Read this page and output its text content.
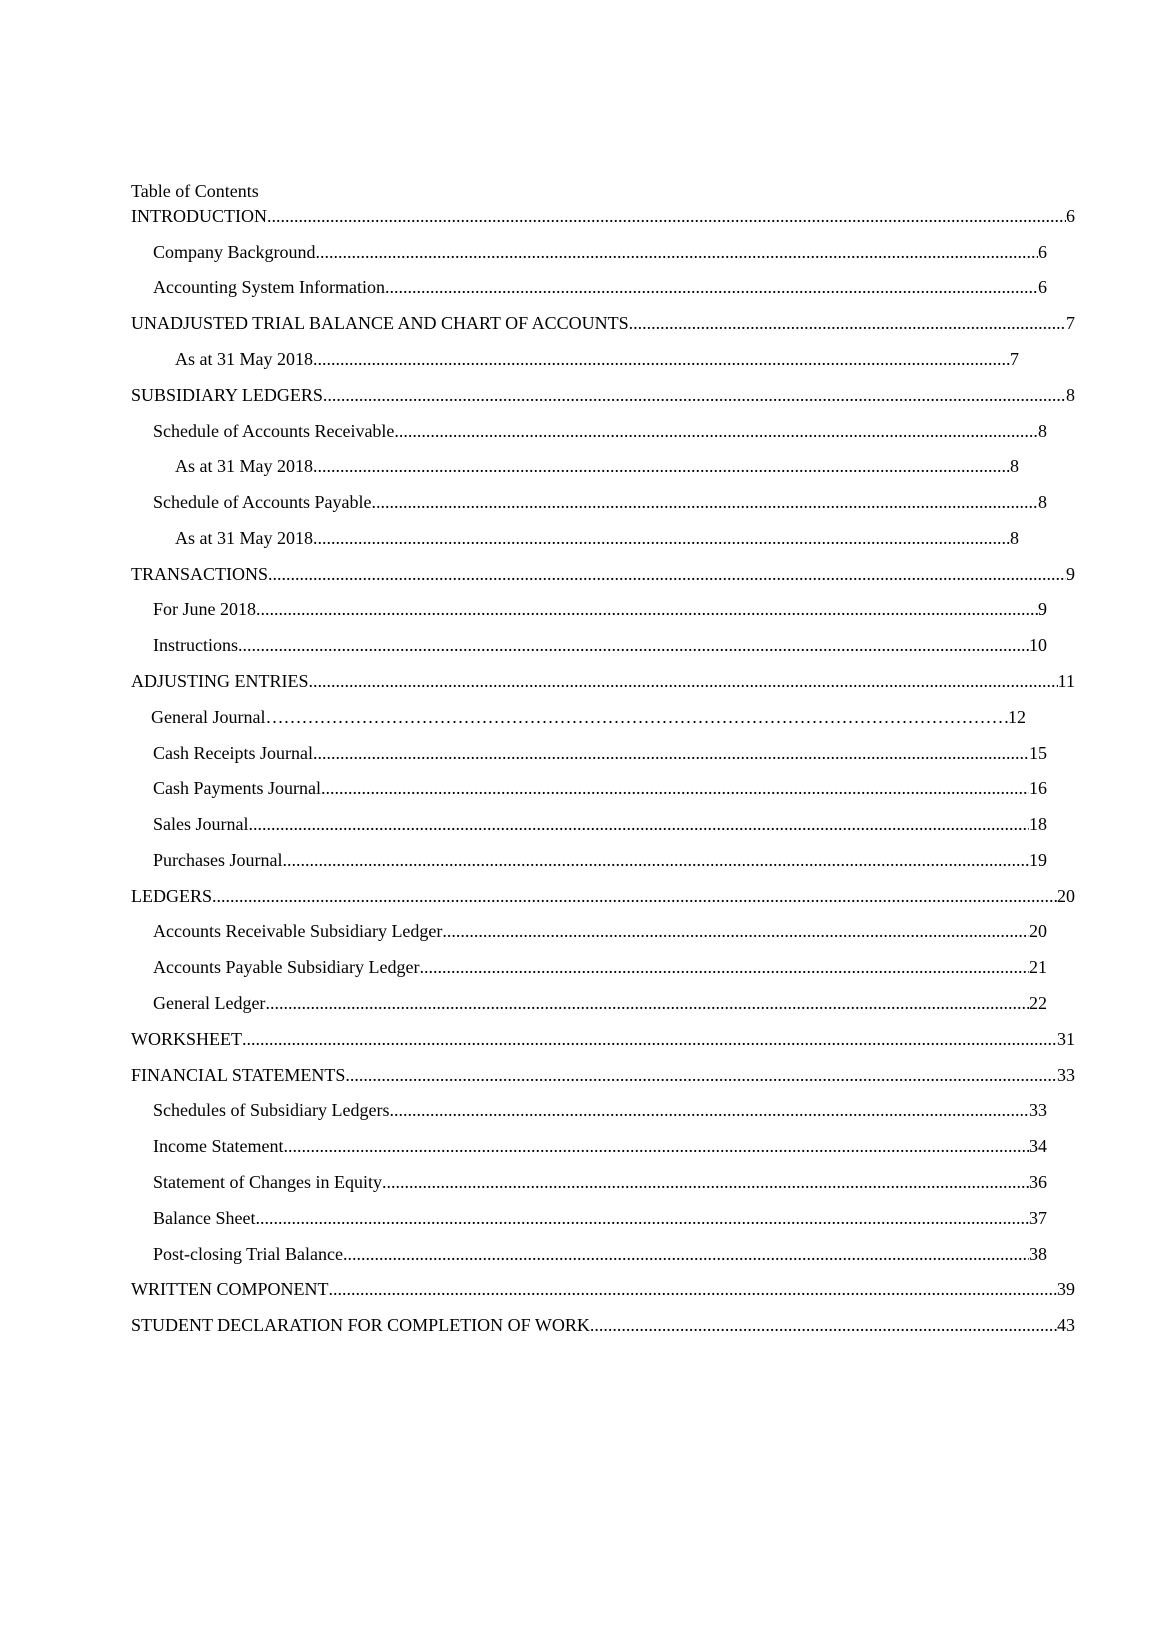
Table of Contents
INTRODUCTION .....	6
Company Background .....	6
Accounting System Information .....	6
UNADJUSTED TRIAL BALANCE AND CHART OF ACCOUNTS .....	7
As at 31 May 2018 .....	7
SUBSIDIARY LEDGERS .....	8
Schedule of Accounts Receivable .....	8
As at 31 May 2018 .....	8
Schedule of Accounts Payable .....	8
As at 31 May 2018 .....	8
TRANSACTIONS .....	9
For June 2018 .....	9
Instructions .....	10
ADJUSTING ENTRIES .....	11
General Journal …………………………………………………………………………………………………………………………………………………………………………	12
Cash Receipts Journal .....	15
Cash Payments Journal .....	16
Sales Journal .....	18
Purchases Journal .....	19
LEDGERS .....	20
Accounts Receivable Subsidiary Ledger .....	20
Accounts Payable Subsidiary Ledger .....	21
General Ledger .....	22
WORKSHEET .....	31
FINANCIAL STATEMENTS .....	33
Schedules of Subsidiary Ledgers .....	33
Income Statement .....	34
Statement of Changes in Equity .....	36
Balance Sheet .....	37
Post-closing Trial Balance .....	38
WRITTEN COMPONENT .....	39
STUDENT DECLARATION FOR COMPLETION OF WORK .....	43
